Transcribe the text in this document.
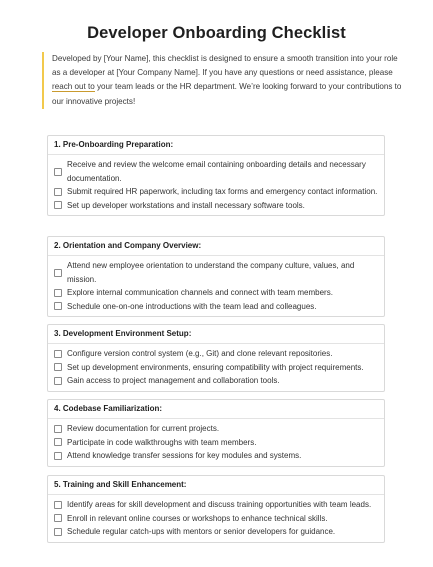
Developer Onboarding Checklist
Developed by [Your Name], this checklist is designed to ensure a smooth transition into your role as a developer at [Your Company Name]. If you have any questions or need assistance, please reach out to your team leads or the HR department. We’re looking forward to your contributions to our innovative projects!
1. Pre-Onboarding Preparation:
Receive and review the welcome email containing onboarding details and necessary documentation.
Submit required HR paperwork, including tax forms and emergency contact information.
Set up developer workstations and install necessary software tools.
2. Orientation and Company Overview:
Attend new employee orientation to understand the company culture, values, and mission.
Explore internal communication channels and connect with team members.
Schedule one-on-one introductions with the team lead and colleagues.
3. Development Environment Setup:
Configure version control system (e.g., Git) and clone relevant repositories.
Set up development environments, ensuring compatibility with project requirements.
Gain access to project management and collaboration tools.
4. Codebase Familiarization:
Review documentation for current projects.
Participate in code walkthroughs with team members.
Attend knowledge transfer sessions for key modules and systems.
5. Training and Skill Enhancement:
Identify areas for skill development and discuss training opportunities with team leads.
Enroll in relevant online courses or workshops to enhance technical skills.
Schedule regular catch-ups with mentors or senior developers for guidance.
